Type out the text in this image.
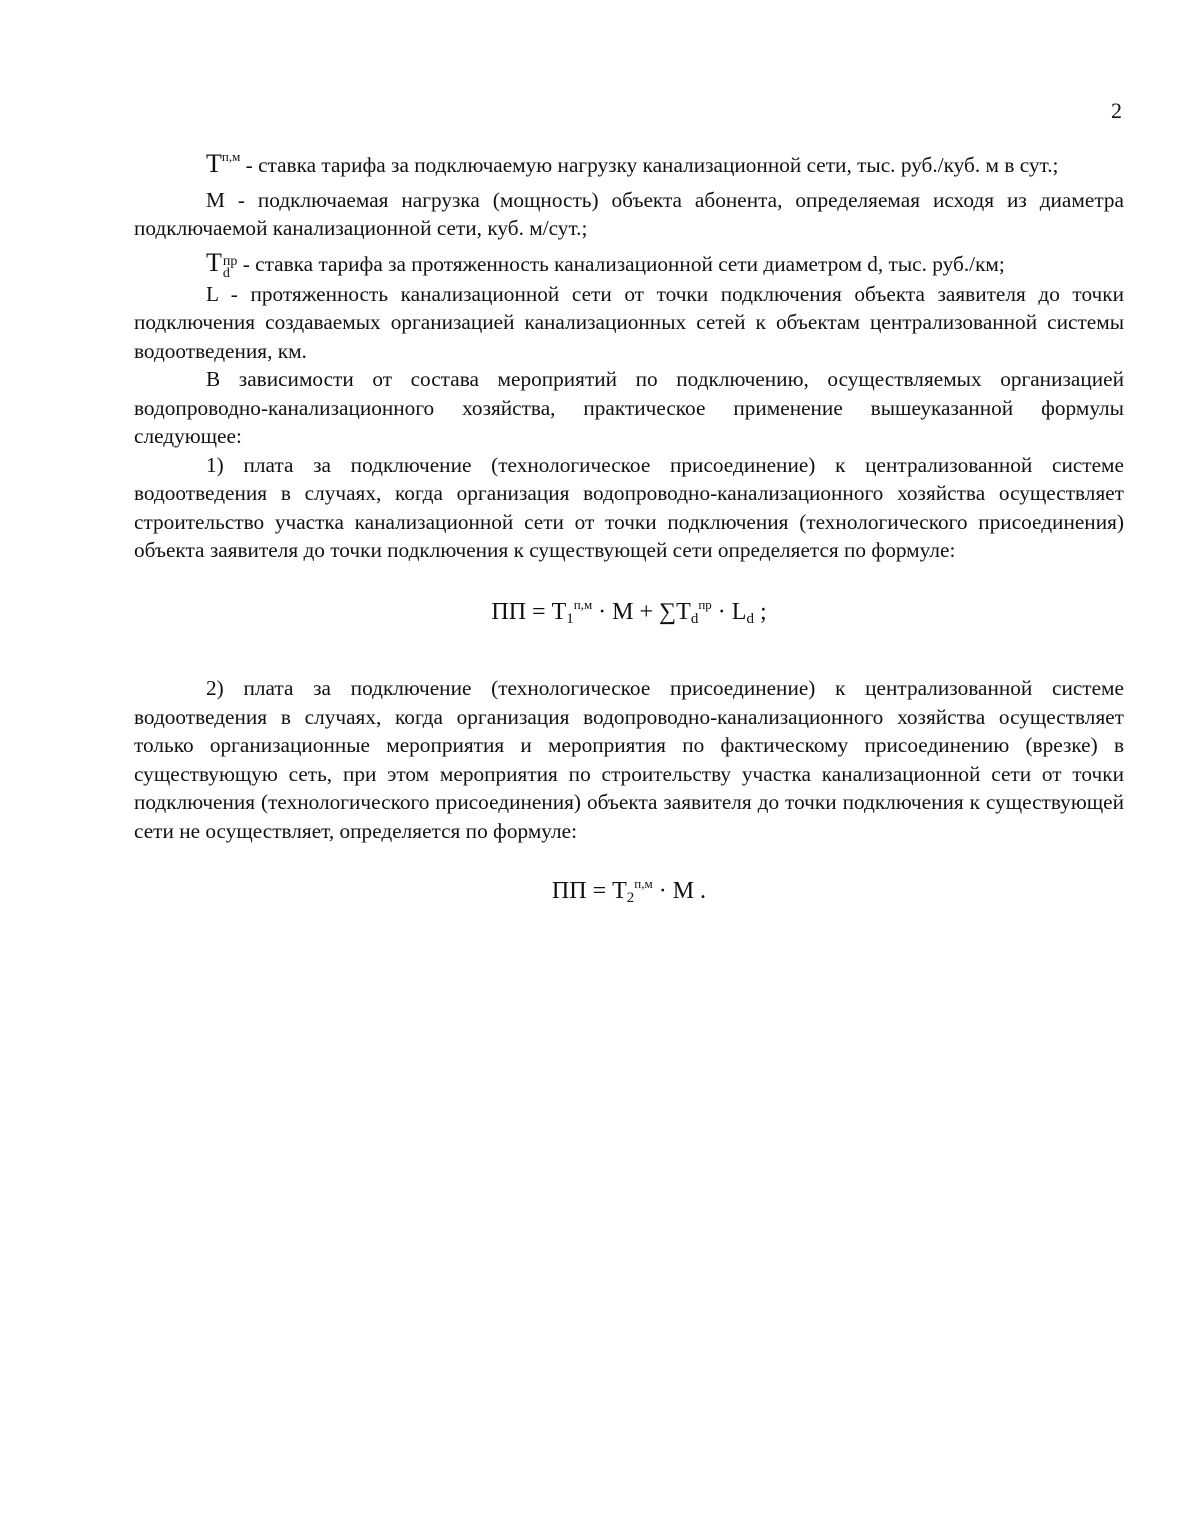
2

$Т^{п,м}$ - ставка тарифа за подключаемую нагрузку канализационной сети, тыс. руб./куб. м в сут.;

М - подключаемая нагрузка (мощность) объекта абонента, определяемая исходя из диаметра подключаемой канализационной сети, куб. м/сут.;

Т пр
d - ставка тарифа за протяженность канализационной сети диаметром d, тыс. руб./км;

L - протяженность канализационной сети от точки подключения объекта заявителя до точки подключения создаваемых организацией канализационных сетей к объектам централизованной системы водоотведения, км.

В зависимости от состава мероприятий по подключению, осуществляемых организацией водопроводно-канализационного хозяйства, практическое применение вышеуказанной формулы следующее:

1) плата за подключение (технологическое присоединение) к централизованной системе водоотведения в случаях, когда организация водопроводно-канализационного хозяйства осуществляет строительство участка канализационной сети от точки подключения (технологического присоединения) объекта заявителя до точки подключения к существующей сети определяется по формуле:

ПП = $Т_1^{п,м} \cdot М + \sum Т_d^{пр} \cdot L_d$ ;

2) плата за подключение (технологическое присоединение) к централизованной системе водоотведения в случаях, когда организация водопроводно-канализационного хозяйства осуществляет только организационные мероприятия и мероприятия по фактическому присоединению (врезке) в существующую сеть, при этом мероприятия по строительству участка канализационной сети от точки подключения (технологического присоединения) объекта заявителя до точки подключения к существующей сети не осуществляет, определяется по формуле:

ПП = $Т_2^{п,м} \cdot М$ .
